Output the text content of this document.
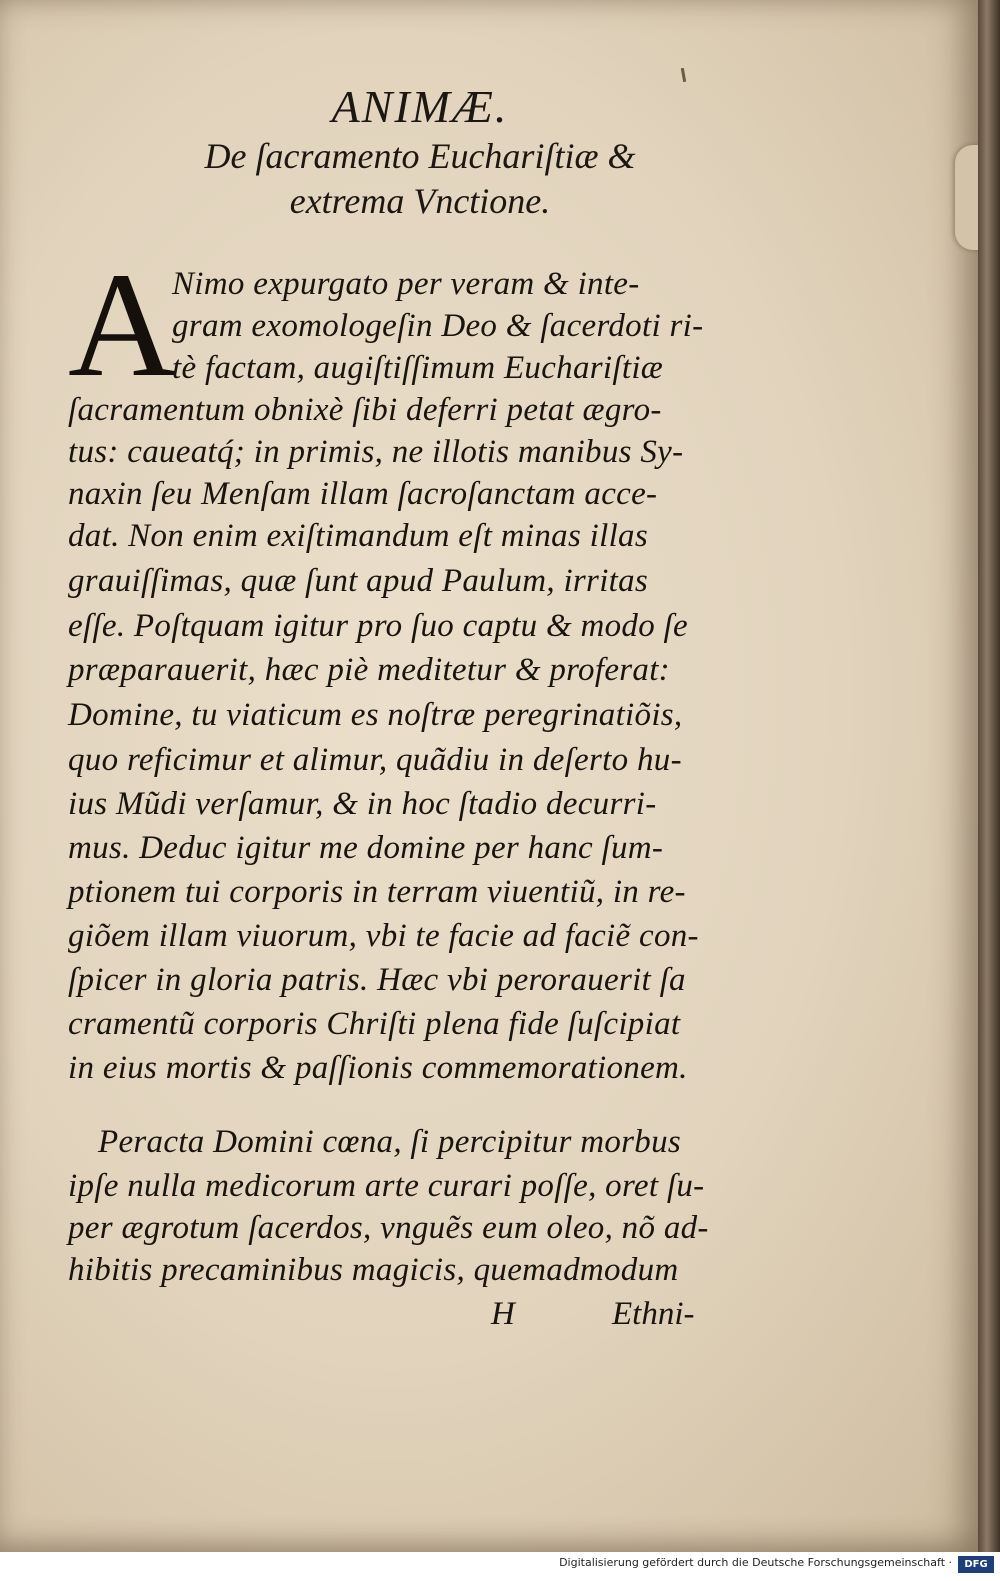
ANIMÆ.
De ſacramento Euchariſtiæ &
extrema Vnctione.
A
Nimo expurgato per veram & inte-
gram exomologeſin Deo & ſacerdoti ri-
tè factam, augiſtiſſimum Euchariſtiæ
ſacramentum obnixè ſibi deferri petat ægro-
tus: caueatq́; in primis, ne illotis manibus Sy-
naxin ſeu Menſam illam ſacroſanctam acce-
dat. Non enim exiſtimandum eſt minas illas
grauiſſimas, quæ ſunt apud Paulum, irritas
eſſe. Poſtquam igitur pro ſuo captu & modo ſe
præparauerit, hæc piè meditetur & proferat:
Domine, tu viaticum es noſtræ peregrinatiõis,
quo reficimur et alimur, quãdiu in deſerto hu-
ius Mũdi verſamur, & in hoc ſtadio decurri-
mus. Deduc igitur me domine per hanc ſum-
ptionem tui corporis in terram viuentiũ, in re-
giõem illam viuorum, vbi te facie ad faciẽ con-
ſpicer in gloria patris. Hæc vbi perorauerit ſa
cramentũ corporis Chriſti plena fide ſuſcipiat
in eius mortis & paſſionis commemorationem.
Peracta Domini cœna, ſi percipitur morbus
ipſe nulla medicorum arte curari poſſe, oret ſu-
per ægrotum ſacerdos, vnguẽs eum oleo, nõ ad-
hibitis precaminibus magicis, quemadmodum
H	Ethni-
Digitalisierung gefördert durch die Deutsche Forschungsgemeinschaft ·	DFG
